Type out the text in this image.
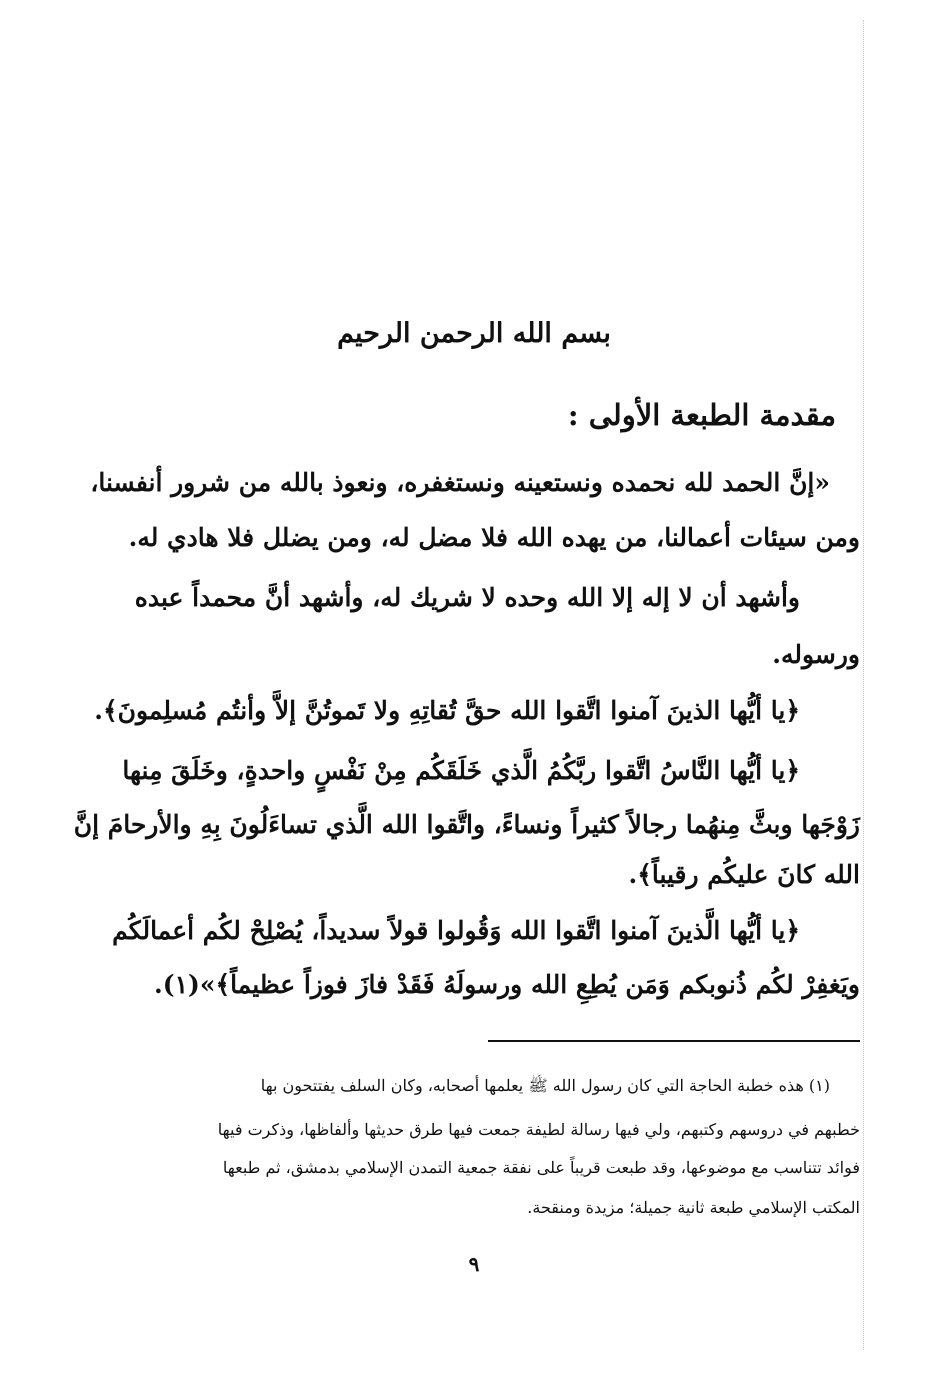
بسم الله الرحمن الرحيم

مقدمة الطبعة الأولى :

«إنَّ الحمد لله نحمده ونستعينه ونستغفره، ونعوذ بالله من شرور أنفسنا،

ومن سيئات أعمالنا، من يهده الله فلا مضل له، ومن يضلل فلا هادي له.

وأشهد أن لا إله إلا الله وحده لا شريك له، وأشهد أنَّ محمداً عبده

ورسوله.

﴿يا أيُّها الذينَ آمنوا اتَّقوا الله حقَّ تُقاتِهِ ولا تَموتُنَّ إلاَّ وأنتُم مُسلِمونَ﴾.

﴿يا أيُّها النَّاسُ اتَّقوا ربَّكُمُ الَّذي خَلَقَكُم مِنْ نَفْسٍ واحدةٍ، وخَلَقَ مِنها

زَوْجَها وبثَّ مِنهُما رجالاً كثيراً ونساءً، واتَّقوا الله الَّذي تساءَلُونَ بِهِ والأرحامَ إنَّ

الله كانَ عليكُم رقيباً﴾.

﴿يا أيُّها الَّذينَ آمنوا اتَّقوا الله وَقُولوا قولاً سديداً، يُصْلِحْ لكُم أعمالَكُم

ويَغفِرْ لكُم ذُنوبكم وَمَن يُطِعِ الله ورسولَهُ فَقَدْ فازَ فوزاً عظيماً﴾»(١).

(١) هذه خطبة الحاجة التي كان رسول الله ﷺ يعلمها أصحابه، وكان السلف يفتتحون بها

خطبهم في دروسهم وكتبهم، ولي فيها رسالة لطيفة جمعت فيها طرق حديثها وألفاظها، وذكرت فيها

فوائد تتناسب مع موضوعها، وقد طبعت قريباً على نفقة جمعية التمدن الإسلامي بدمشق، ثم طبعها

المكتب الإسلامي طبعة ثانية جميلة؛ مزيدة ومنقحة.

٩
